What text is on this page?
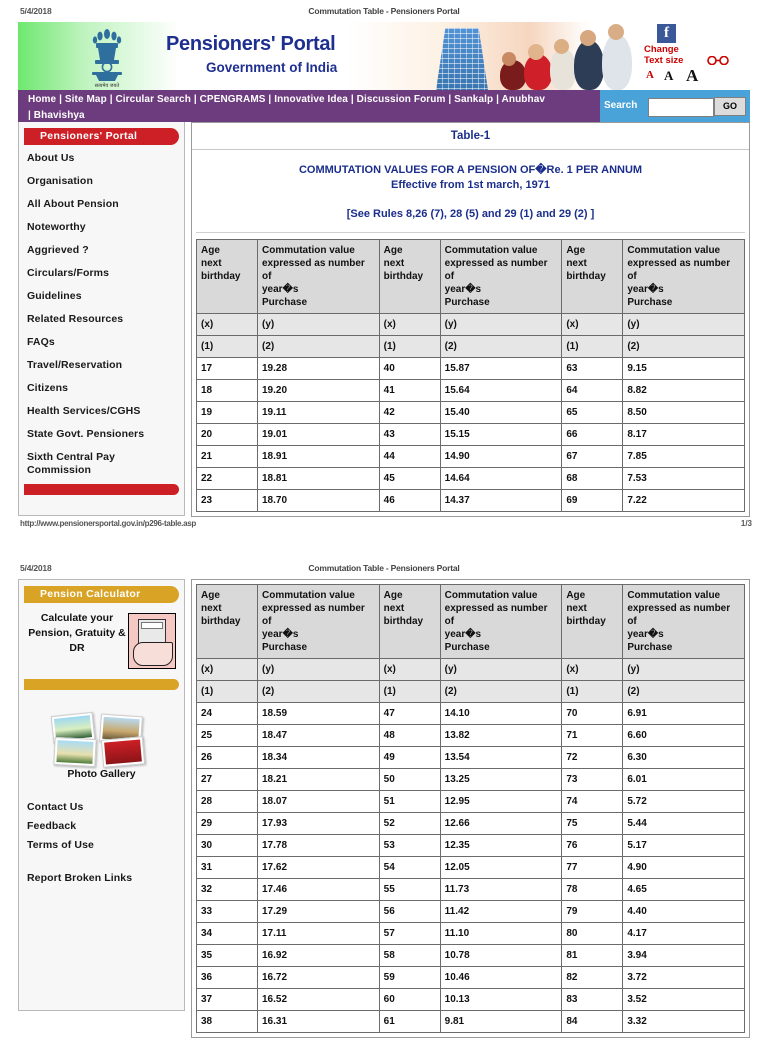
5/4/2018	Commutation Table - Pensioners Portal
सत्यमेव जयते
Pensioners' Portal
Government of India
f
Change
Text size
A A A
Home | Site Map | Circular Search | CPENGRAMS | Innovative Idea | Discussion Forum | Sankalp | Anubhav
| Bhavishya
Search	GO
Pensioners' Portal
About Us
Organisation
All About Pension
Noteworthy
Aggrieved ?
Circulars/Forms
Guidelines
Related Resources
FAQs
Travel/Reservation
Citizens
Health Services/CGHS
State Govt. Pensioners
Sixth Central Pay Commission
Table-1
COMMUTATION VALUES FOR A PENSION OF�Re. 1 PER ANNUM
Effective from 1st march, 1971
[See Rules 8,26 (7), 28 (5) and 29 (1) and 29 (2) ]
Age
next
birthday	Commutation value expressed as number of
year�s
Purchase	Age
next
birthday	Commutation value expressed as number of
year�s
Purchase	Age
next
birthday	Commutation value expressed as number of
year�s
Purchase
(x)	(y)	(x)	(y)	(x)	(y)
(1)	(2)	(1)	(2)	(1)	(2)
17	19.28	40	15.87	63	9.15
18	19.20	41	15.64	64	8.82
19	19.11	42	15.40	65	8.50
20	19.01	43	15.15	66	8.17
21	18.91	44	14.90	67	7.85
22	18.81	45	14.64	68	7.53
23	18.70	46	14.37	69	7.22
http://www.pensionersportal.gov.in/p296-table.asp	1/3
5/4/2018	Commutation Table - Pensioners Portal
Pension Calculator
Calculate your Pension, Gratuity & DR
Photo Gallery
Contact Us
Feedback
Terms of Use
Report Broken Links
Age
next
birthday	Commutation value expressed as number of
year�s
Purchase	Age
next
birthday	Commutation value expressed as number of
year�s
Purchase	Age
next
birthday	Commutation value expressed as number of
year�s
Purchase
(x)	(y)	(x)	(y)	(x)	(y)
(1)	(2)	(1)	(2)	(1)	(2)
24	18.59	47	14.10	70	6.91
25	18.47	48	13.82	71	6.60
26	18.34	49	13.54	72	6.30
27	18.21	50	13.25	73	6.01
28	18.07	51	12.95	74	5.72
29	17.93	52	12.66	75	5.44
30	17.78	53	12.35	76	5.17
31	17.62	54	12.05	77	4.90
32	17.46	55	11.73	78	4.65
33	17.29	56	11.42	79	4.40
34	17.11	57	11.10	80	4.17
35	16.92	58	10.78	81	3.94
36	16.72	59	10.46	82	3.72
37	16.52	60	10.13	83	3.52
38	16.31	61	9.81	84	3.32
